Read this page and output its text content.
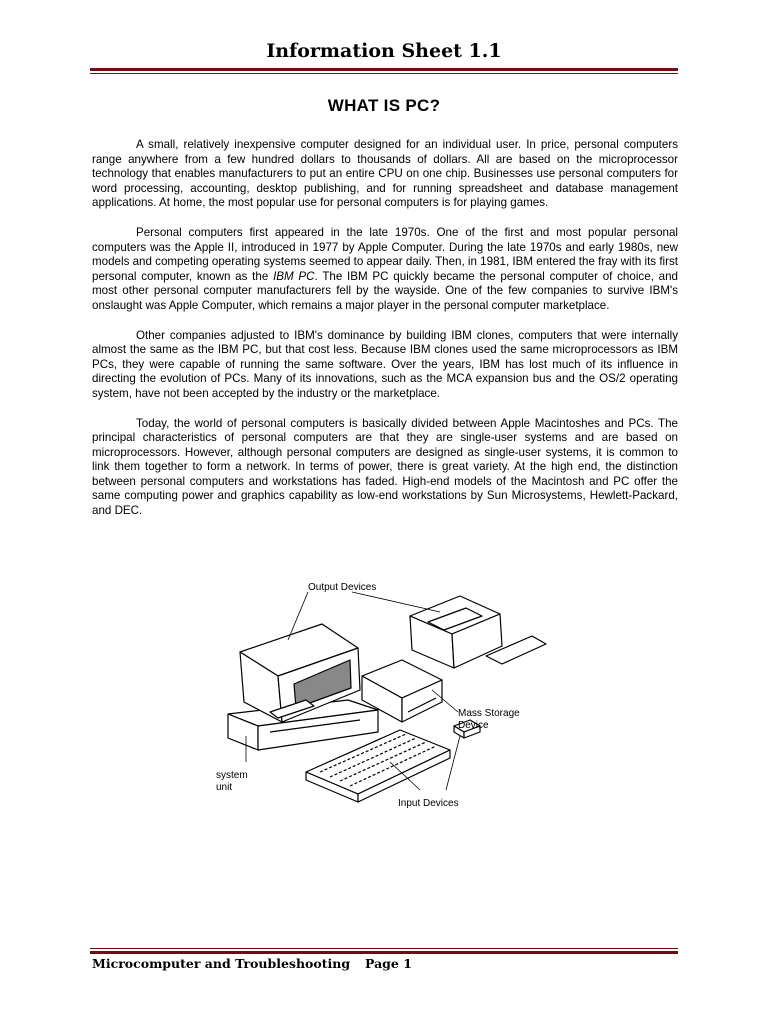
Information Sheet 1.1
WHAT IS PC?

A small, relatively inexpensive computer designed for an individual user. In price, personal computers range anywhere from a few hundred dollars to thousands of dollars. All are based on the microprocessor technology that enables manufacturers to put an entire CPU on one chip. Businesses use personal computers for word processing, accounting, desktop publishing, and for running spreadsheet and database management applications. At home, the most popular use for personal computers is for playing games.

Personal computers first appeared in the late 1970s. One of the first and most popular personal computers was the Apple II, introduced in 1977 by Apple Computer. During the late 1970s and early 1980s, new models and competing operating systems seemed to appear daily. Then, in 1981, IBM entered the fray with its first personal computer, known as the IBM PC. The IBM PC quickly became the personal computer of choice, and most other personal computer manufacturers fell by the wayside. One of the few companies to survive IBM's onslaught was Apple Computer, which remains a major player in the personal computer marketplace.

Other companies adjusted to IBM's dominance by building IBM clones, computers that were internally almost the same as the IBM PC, but that cost less. Because IBM clones used the same microprocessors as IBM PCs, they were capable of running the same software. Over the years, IBM has lost much of its influence in directing the evolution of PCs. Many of its innovations, such as the MCA expansion bus and the OS/2 operating system, have not been accepted by the industry or the marketplace.

Today, the world of personal computers is basically divided between Apple Macintoshes and PCs. The principal characteristics of personal computers are that they are single-user systems and are based on microprocessors. However, although personal computers are designed as single-user systems, it is common to link them together to form a network. In terms of power, there is great variety. At the high end, the distinction between personal computers and workstations has faded. High-end models of the Macintosh and PC offer the same computing power and graphics capability as low-end workstations by Sun Microsystems, Hewlett-Packard, and DEC.

Output Devices
Mass Storage
Device
system
unit
Input Devices
Microcomputer and Troubleshooting Page 1
